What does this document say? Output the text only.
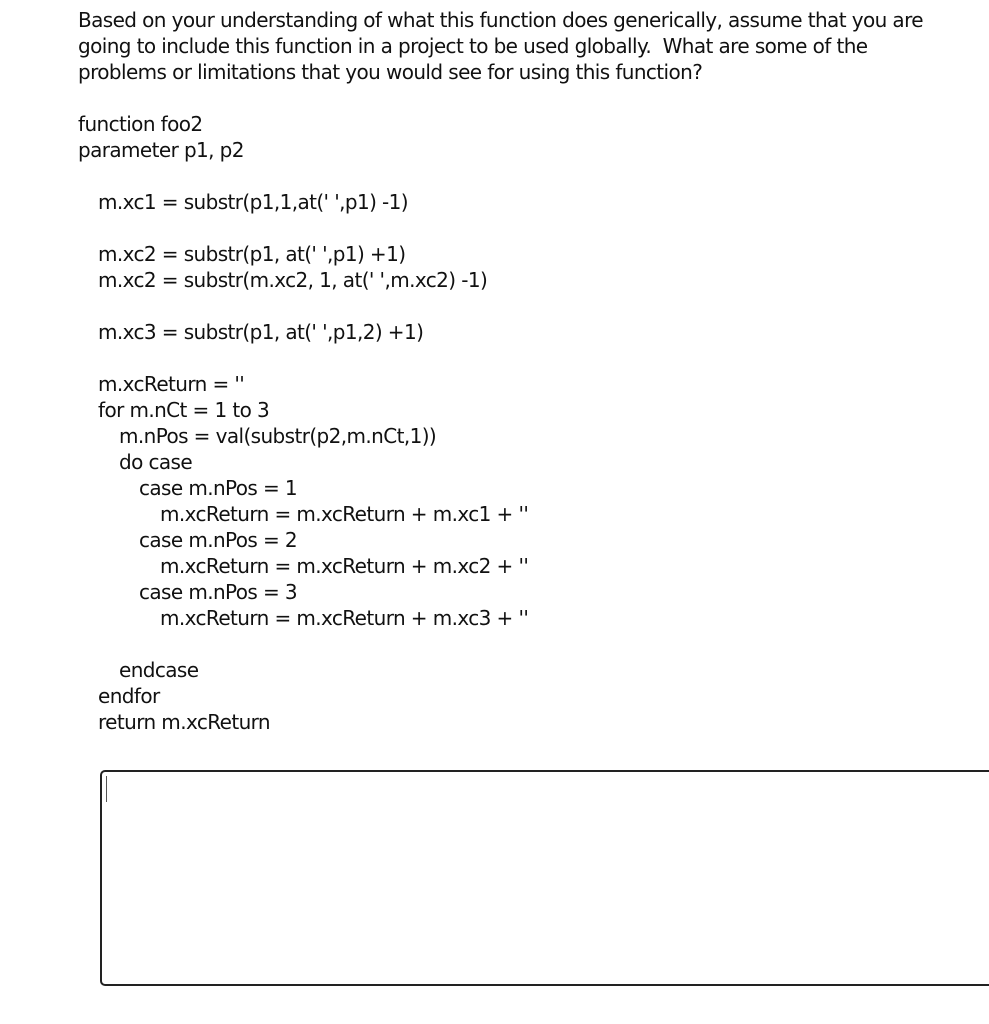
Based on your understanding of what this function does generically, assume that you are
going to include this function in a project to be used globally.  What are some of the
problems or limitations that you would see for using this function?
function foo2
parameter p1, p2
m.xc1 = substr(p1,1,at(' ',p1) -1)
m.xc2 = substr(p1, at(' ',p1) +1)
m.xc2 = substr(m.xc2, 1, at(' ',m.xc2) -1)
m.xc3 = substr(p1, at(' ',p1,2) +1)
m.xcReturn = ''
for m.nCt = 1 to 3
m.nPos = val(substr(p2,m.nCt,1))
do case
case m.nPos = 1
m.xcReturn = m.xcReturn + m.xc1 + ''
case m.nPos = 2
m.xcReturn = m.xcReturn + m.xc2 + ''
case m.nPos = 3
m.xcReturn = m.xcReturn + m.xc3 + ''
endcase
endfor
return m.xcReturn
